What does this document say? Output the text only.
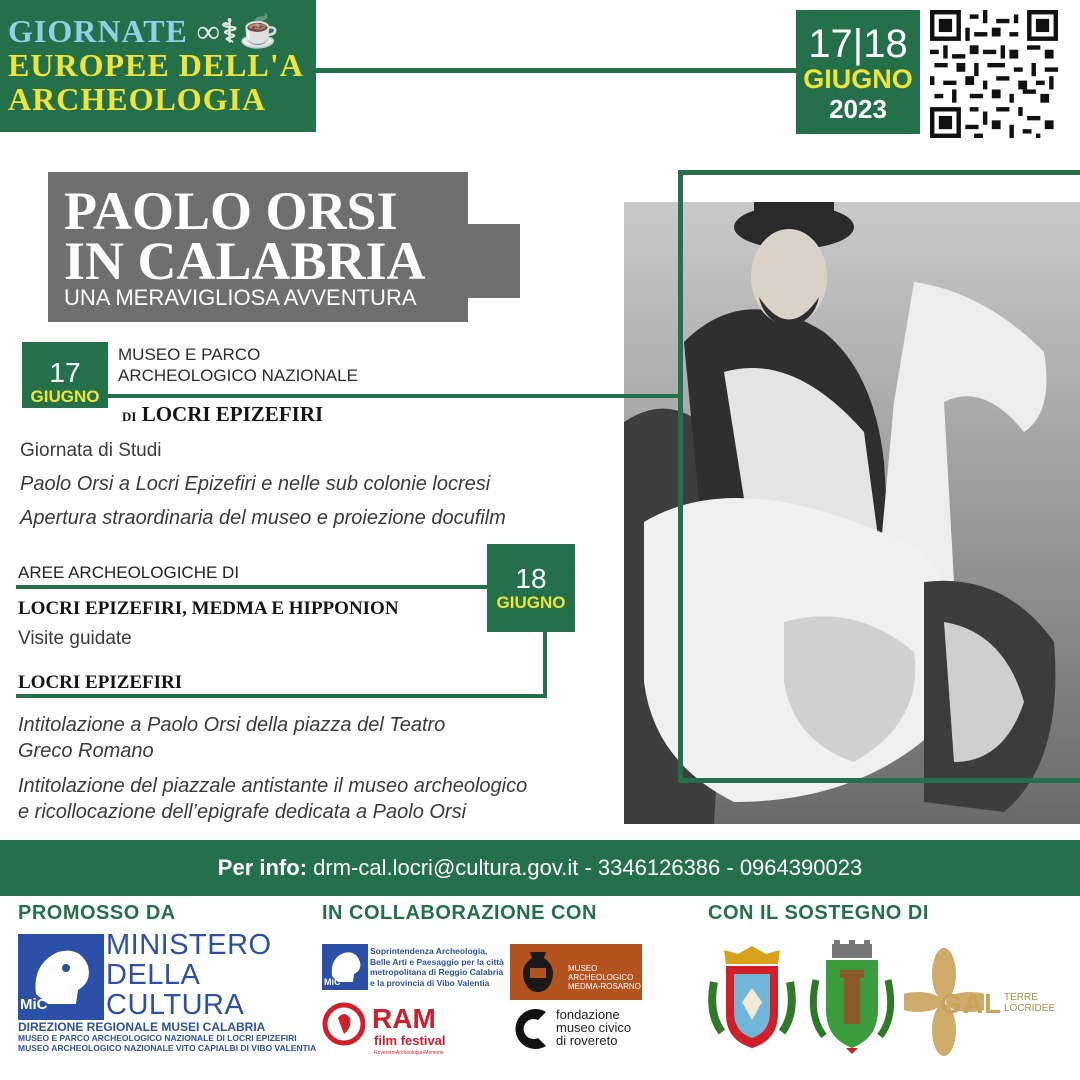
GIORNATE ∞⚕☕
EUROPEE DELL'A
ARCHEOLOGIA
17|18
GIUGNO
2023
PAOLO ORSI
IN CALABRIA
UNA MERAVIGLIOSA AVVENTURA
17
GIUGNO
MUSEO E PARCO
ARCHEOLOGICO NAZIONALE
DI LOCRI EPIZEFIRI
Giornata di Studi
Paolo Orsi a Locri Epizefiri e nelle sub colonie locresi
Apertura straordinaria del museo e proiezione docufilm
AREE ARCHEOLOGICHE DI	18
GIUGNO
LOCRI EPIZEFIRI, MEDMA E HIPPONION
Visite guidate
LOCRI EPIZEFIRI
Intitolazione a Paolo Orsi della piazza del Teatro
Greco Romano
Intitolazione del piazzale antistante il museo archeologico
e ricollocazione dell’epigrafe dedicata a Paolo Orsi
Per info: drm-cal.locri@cultura.gov.it - 3346126386 - 0964390023
PROMOSSO DA	IN COLLABORAZIONE CON	CON IL SOSTEGNO DI
MiC
MINISTERO
DELLA
CULTURA
DIREZIONE REGIONALE MUSEI CALABRIA
MUSEO E PARCO ARCHEOLOGICO NAZIONALE DI LOCRI EPIZEFIRI
MUSEO ARCHEOLOGICO NAZIONALE VITO CAPIALBI DI VIBO VALENTIA
MiC
Soprintendenza Archeologia,
Belle Arti e Paesaggio per la città
metropolitana di Reggio Calabria
e la provincia di Vibo Valentia
MUSEO
ARCHEOLOGICO
MEDMA-ROSARNO
RAM
film festival
Rovereto•Archeologia•Memorie
fondazione
museo civico
di rovereto
GAL TERRE
LOCRIDEE
